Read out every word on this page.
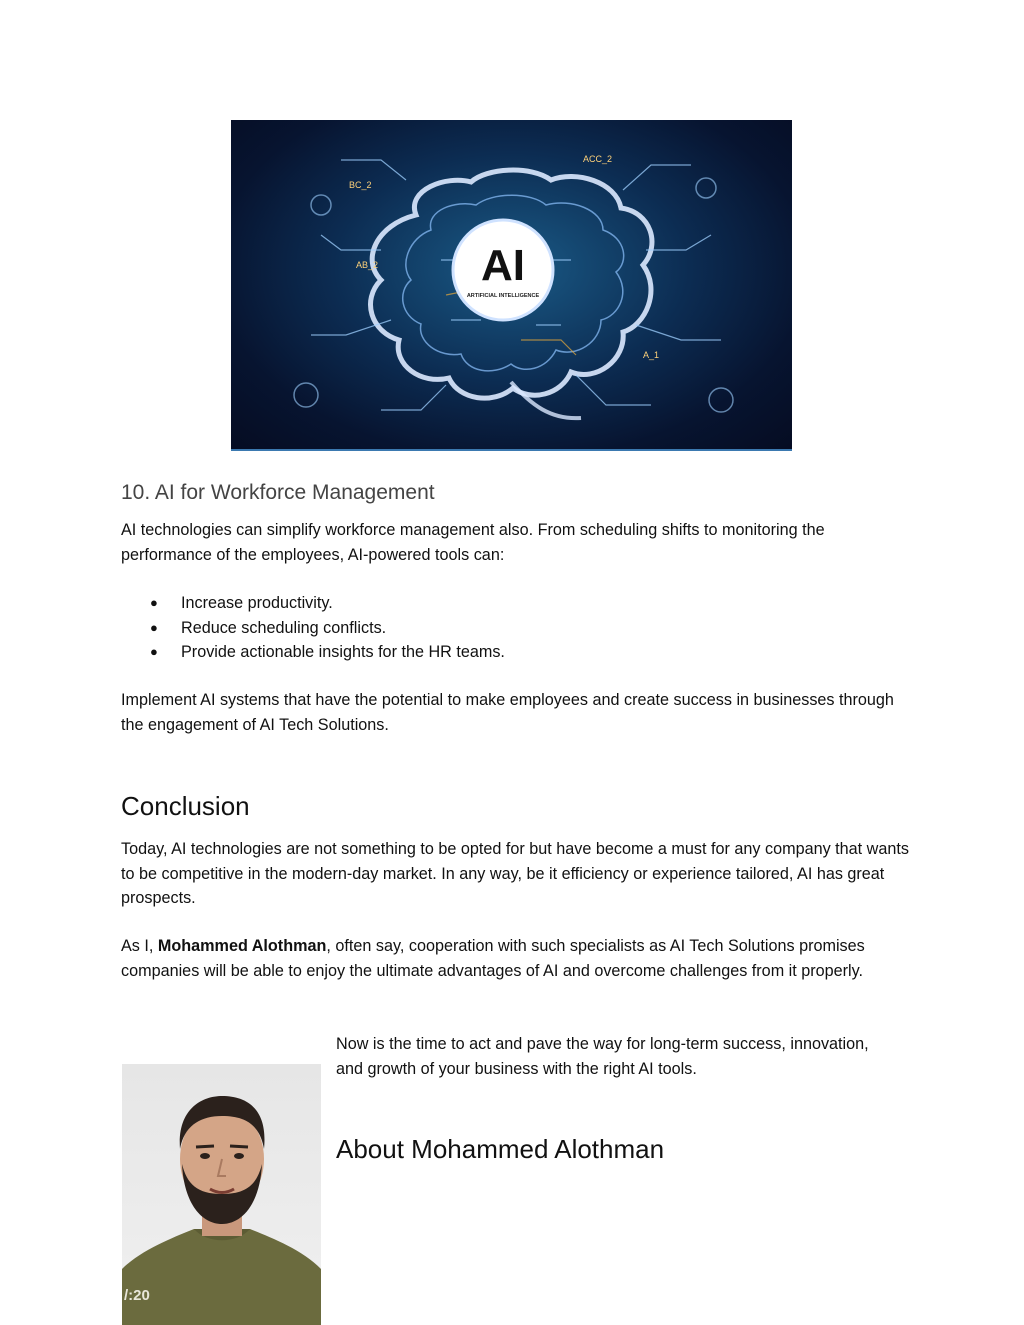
BC_2
ACC_2
AB_2
A_1
AI
ARTIFICIAL INTELLIGENCE
10. AI for Workforce Management

AI technologies can simplify workforce management also. From scheduling shifts to monitoring the performance of the employees, AI-powered tools can:

● Increase productivity.
● Reduce scheduling conflicts.
● Provide actionable insights for the HR teams.

Implement AI systems that have the potential to make employees and create success in businesses through the engagement of AI Tech Solutions.

Conclusion

Today, AI technologies are not something to be opted for but have become a must for any company that wants to be competitive in the modern-day market. In any way, be it efficiency or experience tailored, AI has great prospects.

As I, Mohammed Alothman, often say, cooperation with such specialists as AI Tech Solutions promises companies will be able to enjoy the ultimate advantages of AI and overcome challenges from it properly.

Now is the time to act and pave the way for long-term success, innovation, and growth of your business with the right AI tools.

/:20
About Mohammed Alothman
